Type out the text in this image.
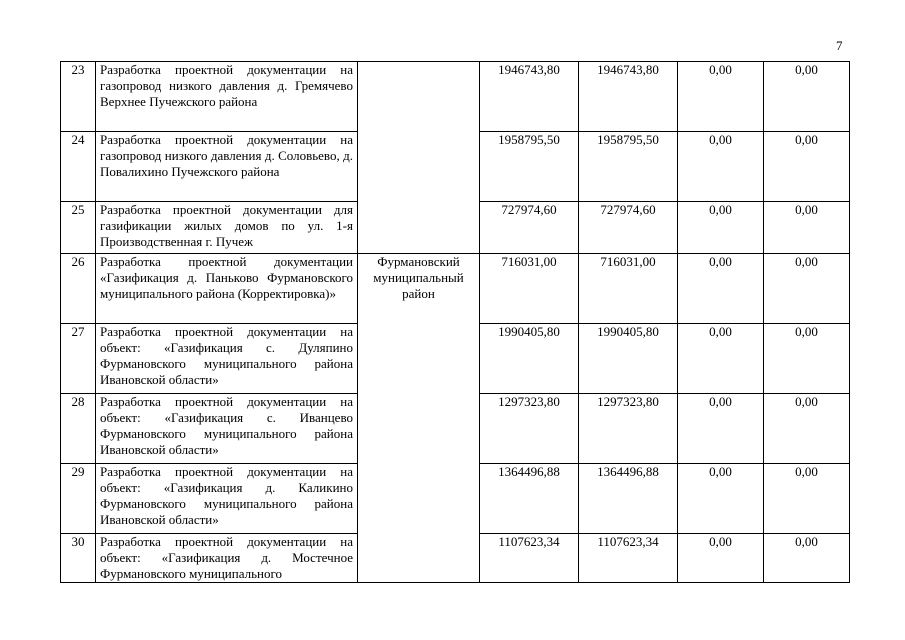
7
23	Разработка проектной документации на газопровод низкого давления д. Гремячево Верхнее Пучежского района		1946743,80	1946743,80	0,00	0,00
24	Разработка проектной документации на газопровод низкого давления д. Соловьево, д. Повалихино Пучежского района		1958795,50	1958795,50	0,00	0,00
25	Разработка проектной документации для газификации жилых домов по ул. 1-я Производственная г. Пучеж		727974,60	727974,60	0,00	0,00
26	Разработка проектной документации «Газификация д. Паньково Фурмановского муниципального района (Корректировка)»	Фурмановский муниципальный район	716031,00	716031,00	0,00	0,00
27	Разработка проектной документации на объект: «Газификация с. Дуляпино Фурмановского муниципального района Ивановской области»		1990405,80	1990405,80	0,00	0,00
28	Разработка проектной документации на объект: «Газификация с. Иванцево Фурмановского муниципального района Ивановской области»		1297323,80	1297323,80	0,00	0,00
29	Разработка проектной документации на объект: «Газификация д. Каликино Фурмановского муниципального района Ивановской области»		1364496,88	1364496,88	0,00	0,00
30	Разработка проектной документации на объект: «Газификация д. Мостечное Фурмановского муниципального		1107623,34	1107623,34	0,00	0,00
